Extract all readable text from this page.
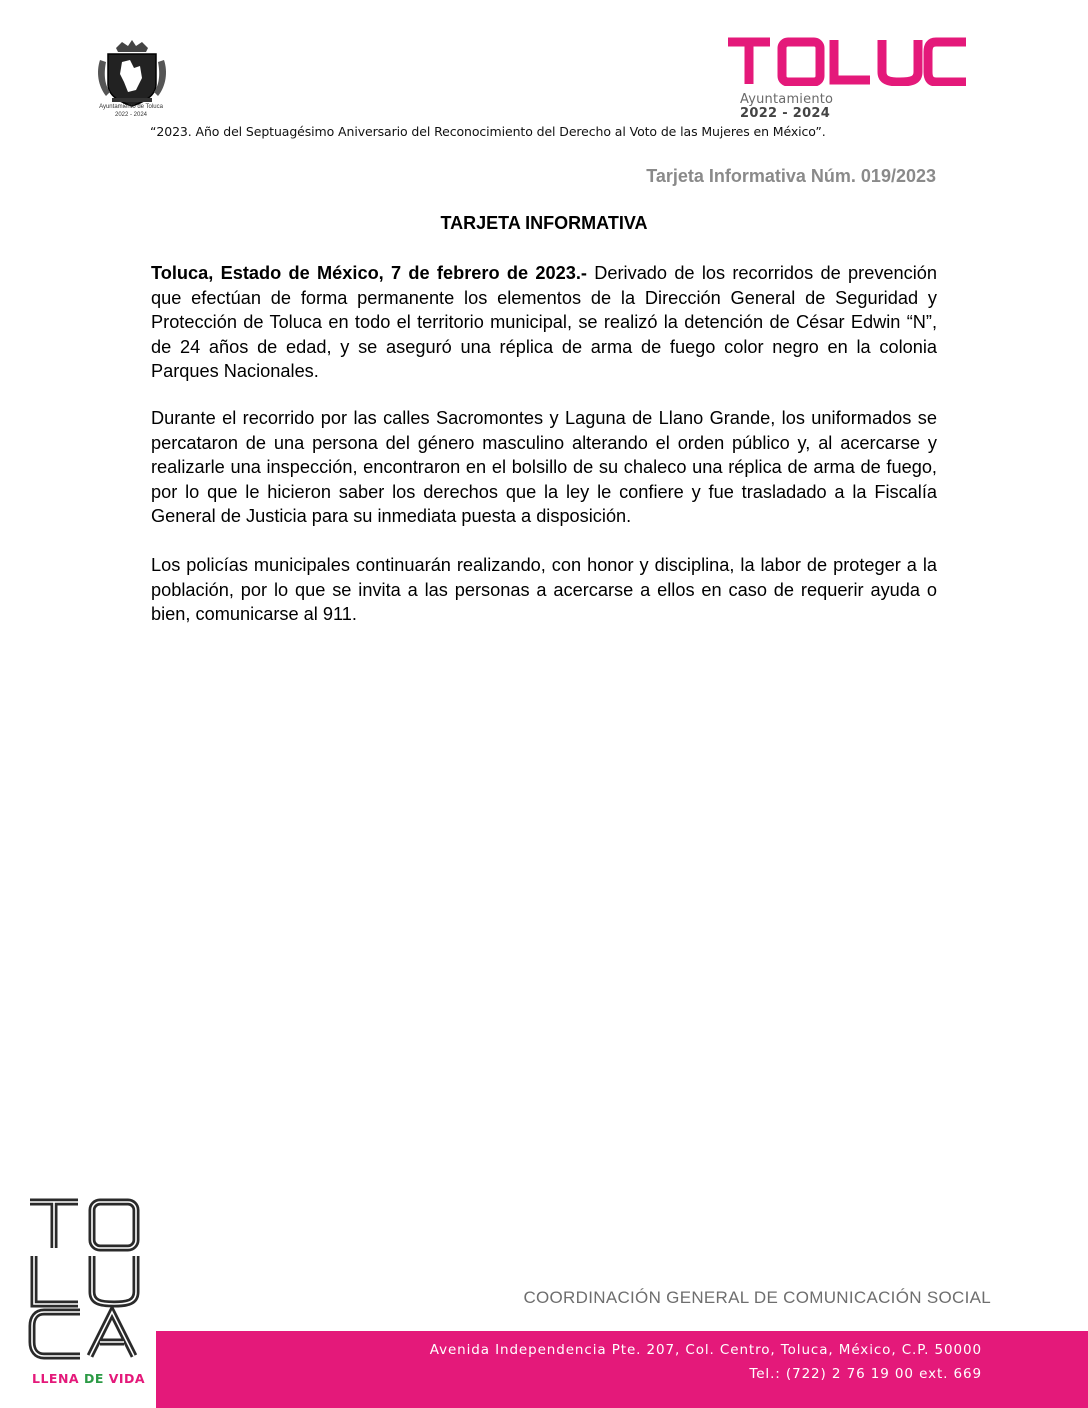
Ayuntamiento de Toluca
2022 - 2024
Ayuntamiento
2022 - 2024
“2023. Año del Septuagésimo Aniversario del Reconocimiento del Derecho al Voto de las Mujeres en México”.
Tarjeta Informativa Núm. 019/2023
TARJETA INFORMATIVA
Toluca, Estado de México, 7 de febrero de 2023.- Derivado de los recorridos de prevención que efectúan de forma permanente los elementos de la Dirección General de Seguridad y Protección de Toluca en todo el territorio municipal, se realizó la detención de César Edwin “N”, de 24 años de edad, y se aseguró una réplica de arma de fuego color negro en la colonia Parques Nacionales.
Durante el recorrido por las calles Sacromontes y Laguna de Llano Grande, los uniformados se percataron de una persona del género masculino alterando el orden público y, al acercarse y realizarle una inspección, encontraron en el bolsillo de su chaleco una réplica de arma de fuego, por lo que le hicieron saber los derechos que la ley le confiere y fue trasladado a la Fiscalía General de Justicia para su inmediata puesta a disposición.
Los policías municipales continuarán realizando, con honor y disciplina, la labor de proteger a la población, por lo que se invita a las personas a acercarse a ellos en caso de requerir ayuda o bien, comunicarse al 911.
LLENA DE VIDA
COORDINACIÓN GENERAL DE COMUNICACIÓN SOCIAL
Avenida Independencia Pte. 207, Col. Centro, Toluca, México, C.P. 50000
Tel.: (722) 2 76 19 00 ext. 669
